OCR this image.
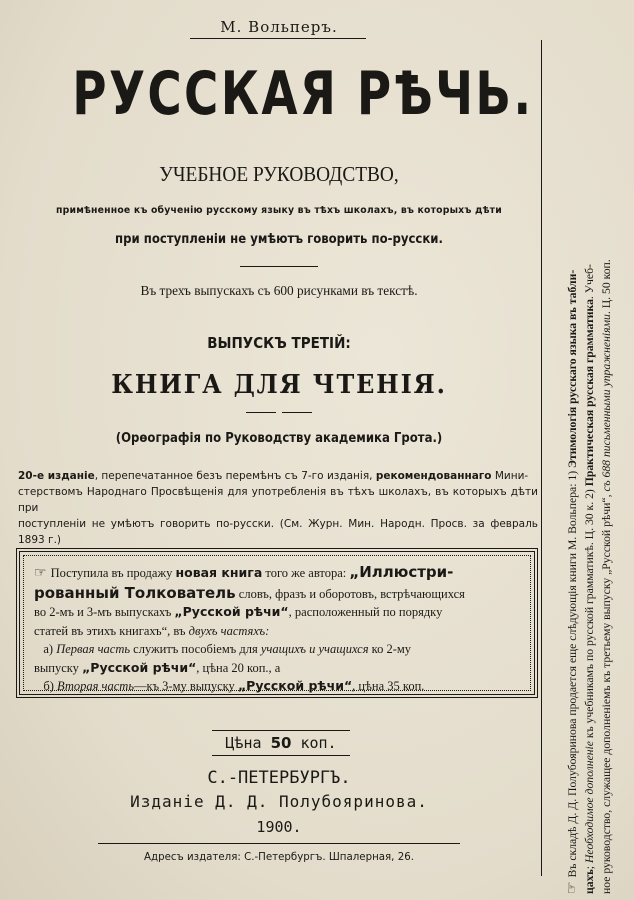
М. Вольперъ.
РУССКАЯ РѢЧЬ.
УЧЕБНОЕ РУКОВОДСТВО,
примѣненное къ обученію русскому языку въ тѣхъ школахъ, въ которыхъ дѣти
при поступленіи не умѣютъ говорить по-русски.
Въ трехъ выпускахъ съ 600 рисунками въ текстѣ.
ВЫПУСКЪ ТРЕТІЙ:
КНИГА ДЛЯ ЧТЕНІЯ.
(Орѳографія по Руководству академика Грота.)
20-е изданіе, перепечатанное безъ перемѣнъ съ 7-го изданія, рекомендованнаго Мини-
стерствомъ Народнаго Просвѣщенія для употребленія въ тѣхъ школахъ, въ которыхъ дѣти при
поступленіи не умѣютъ говорить по-русски. (См. Журн. Мин. Народн. Просв. за февраль 1893 г.)
☞ Поступила въ продажу новая книга того же автора: „Иллюстри-
рованный Толкователь словъ, фразъ и оборотовъ, встрѣчающихся
во 2-мъ и 3-мъ выпускахъ „Русской рѣчи“, расположенный по порядку
статей въ этихъ книгахъ“, въ двухъ частяхъ:
а) Первая часть служитъ пособіемъ для учащихъ и учащихся ко 2-му
выпуску „Русской рѣчи“, цѣна 20 коп., а
б) Вторая часть—къ 3-му выпуску „Русской рѣчи“, цѣна 35 коп.
Цѣна 50 коп.
С.-ПЕТЕРБУРГЪ.
Изданіе Д. Д. Полубояринова.
1900.
Адресъ издателя: С.-Петербургъ. Шпалерная, 26.
☞Въ складѣ Д. Д. Полубояринова продается еще слѣдующія книги М. Вольпера: 1) Этимологія русскаго языка въ табли-
цахъ; Необходимое дополненіе къ учебникамъ по русской грамматикѣ. Ц. 30 к. 2) Практическая русская грамматика. Учеб-
ное руководство, служащее дополненіемъ къ третьему выпуску „Русской рѣчи“, съ 688 письменными упражненіями. Ц. 50 коп.
